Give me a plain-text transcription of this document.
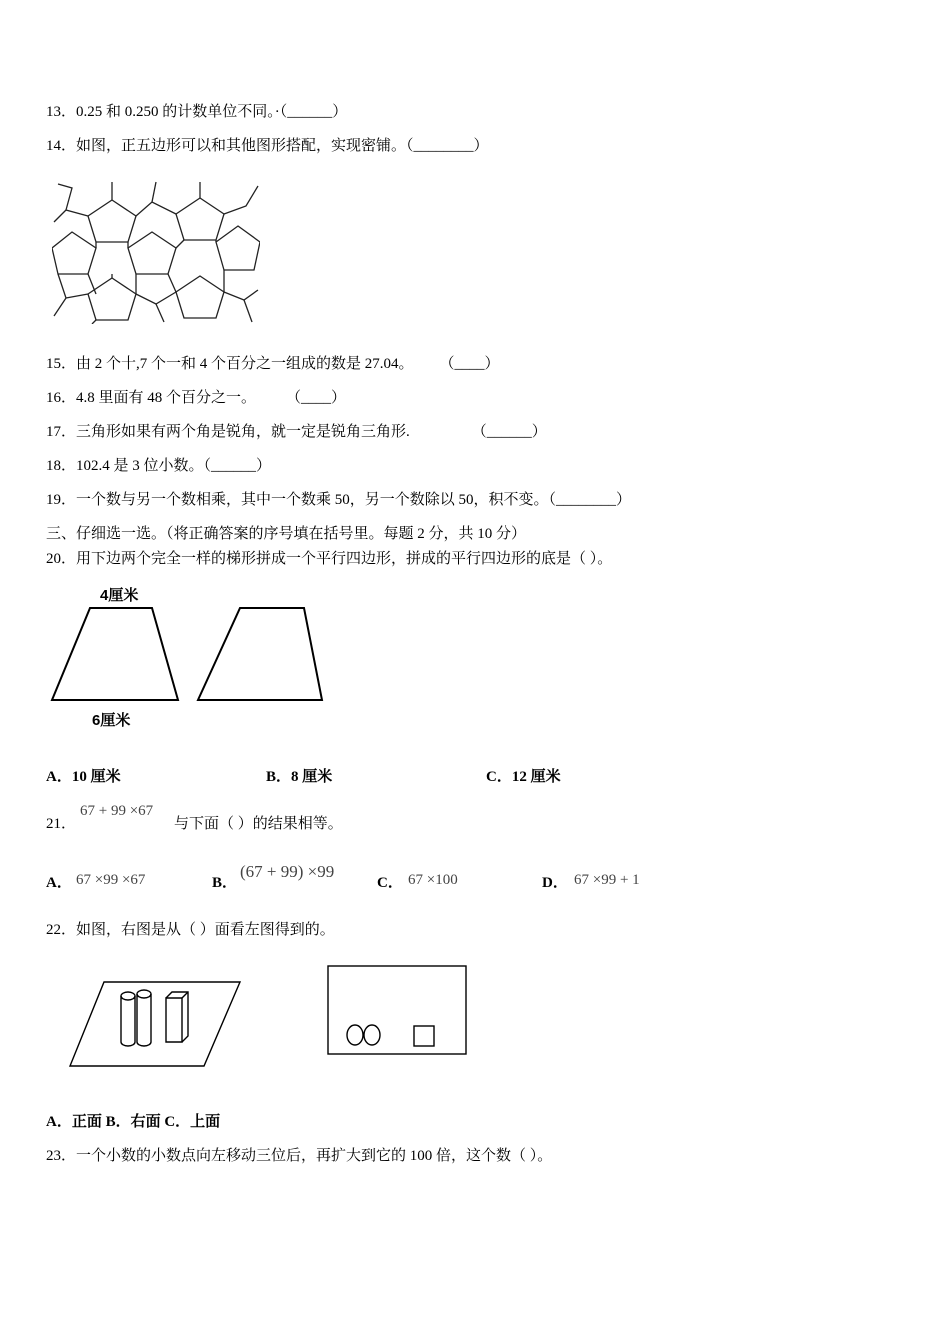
13．0.25 和 0.250 的计数单位不同。·（______）
14．如图，正五边形可以和其他图形搭配，实现密铺。（________）
15．由 2 个十,7 个一和 4 个百分之一组成的数是 27.04。 （____）
16．4.8 里面有 48 个百分之一。 （____）
17．三角形如果有两个角是锐角，就一定是锐角三角形.	（______）
18．102.4 是 3 位小数。（______）
19．一个数与另一个数相乘，其中一个数乘 50，另一个数除以 50，积不变。（________）
三、仔细选一选。（将正确答案的序号填在括号里。每题 2 分，共 10 分）
20．用下边两个完全一样的梯形拼成一个平行四边形，拼成的平行四边形的底是（ ）。
4厘米
6厘米
A．10 厘米	B．8 厘米	C．12 厘米
21．
67 + 99 ×67
与下面（ ）的结果相等。
A． 67 ×99 ×67	B．
(67 + 99) ×99
C． 67 ×100	D． 67 ×99 + 1
22．如图，右图是从（ ）面看左图得到的。
A．正面 B．右面 C．上面
23．一个小数的小数点向左移动三位后，再扩大到它的 100 倍，这个数（ ）。
